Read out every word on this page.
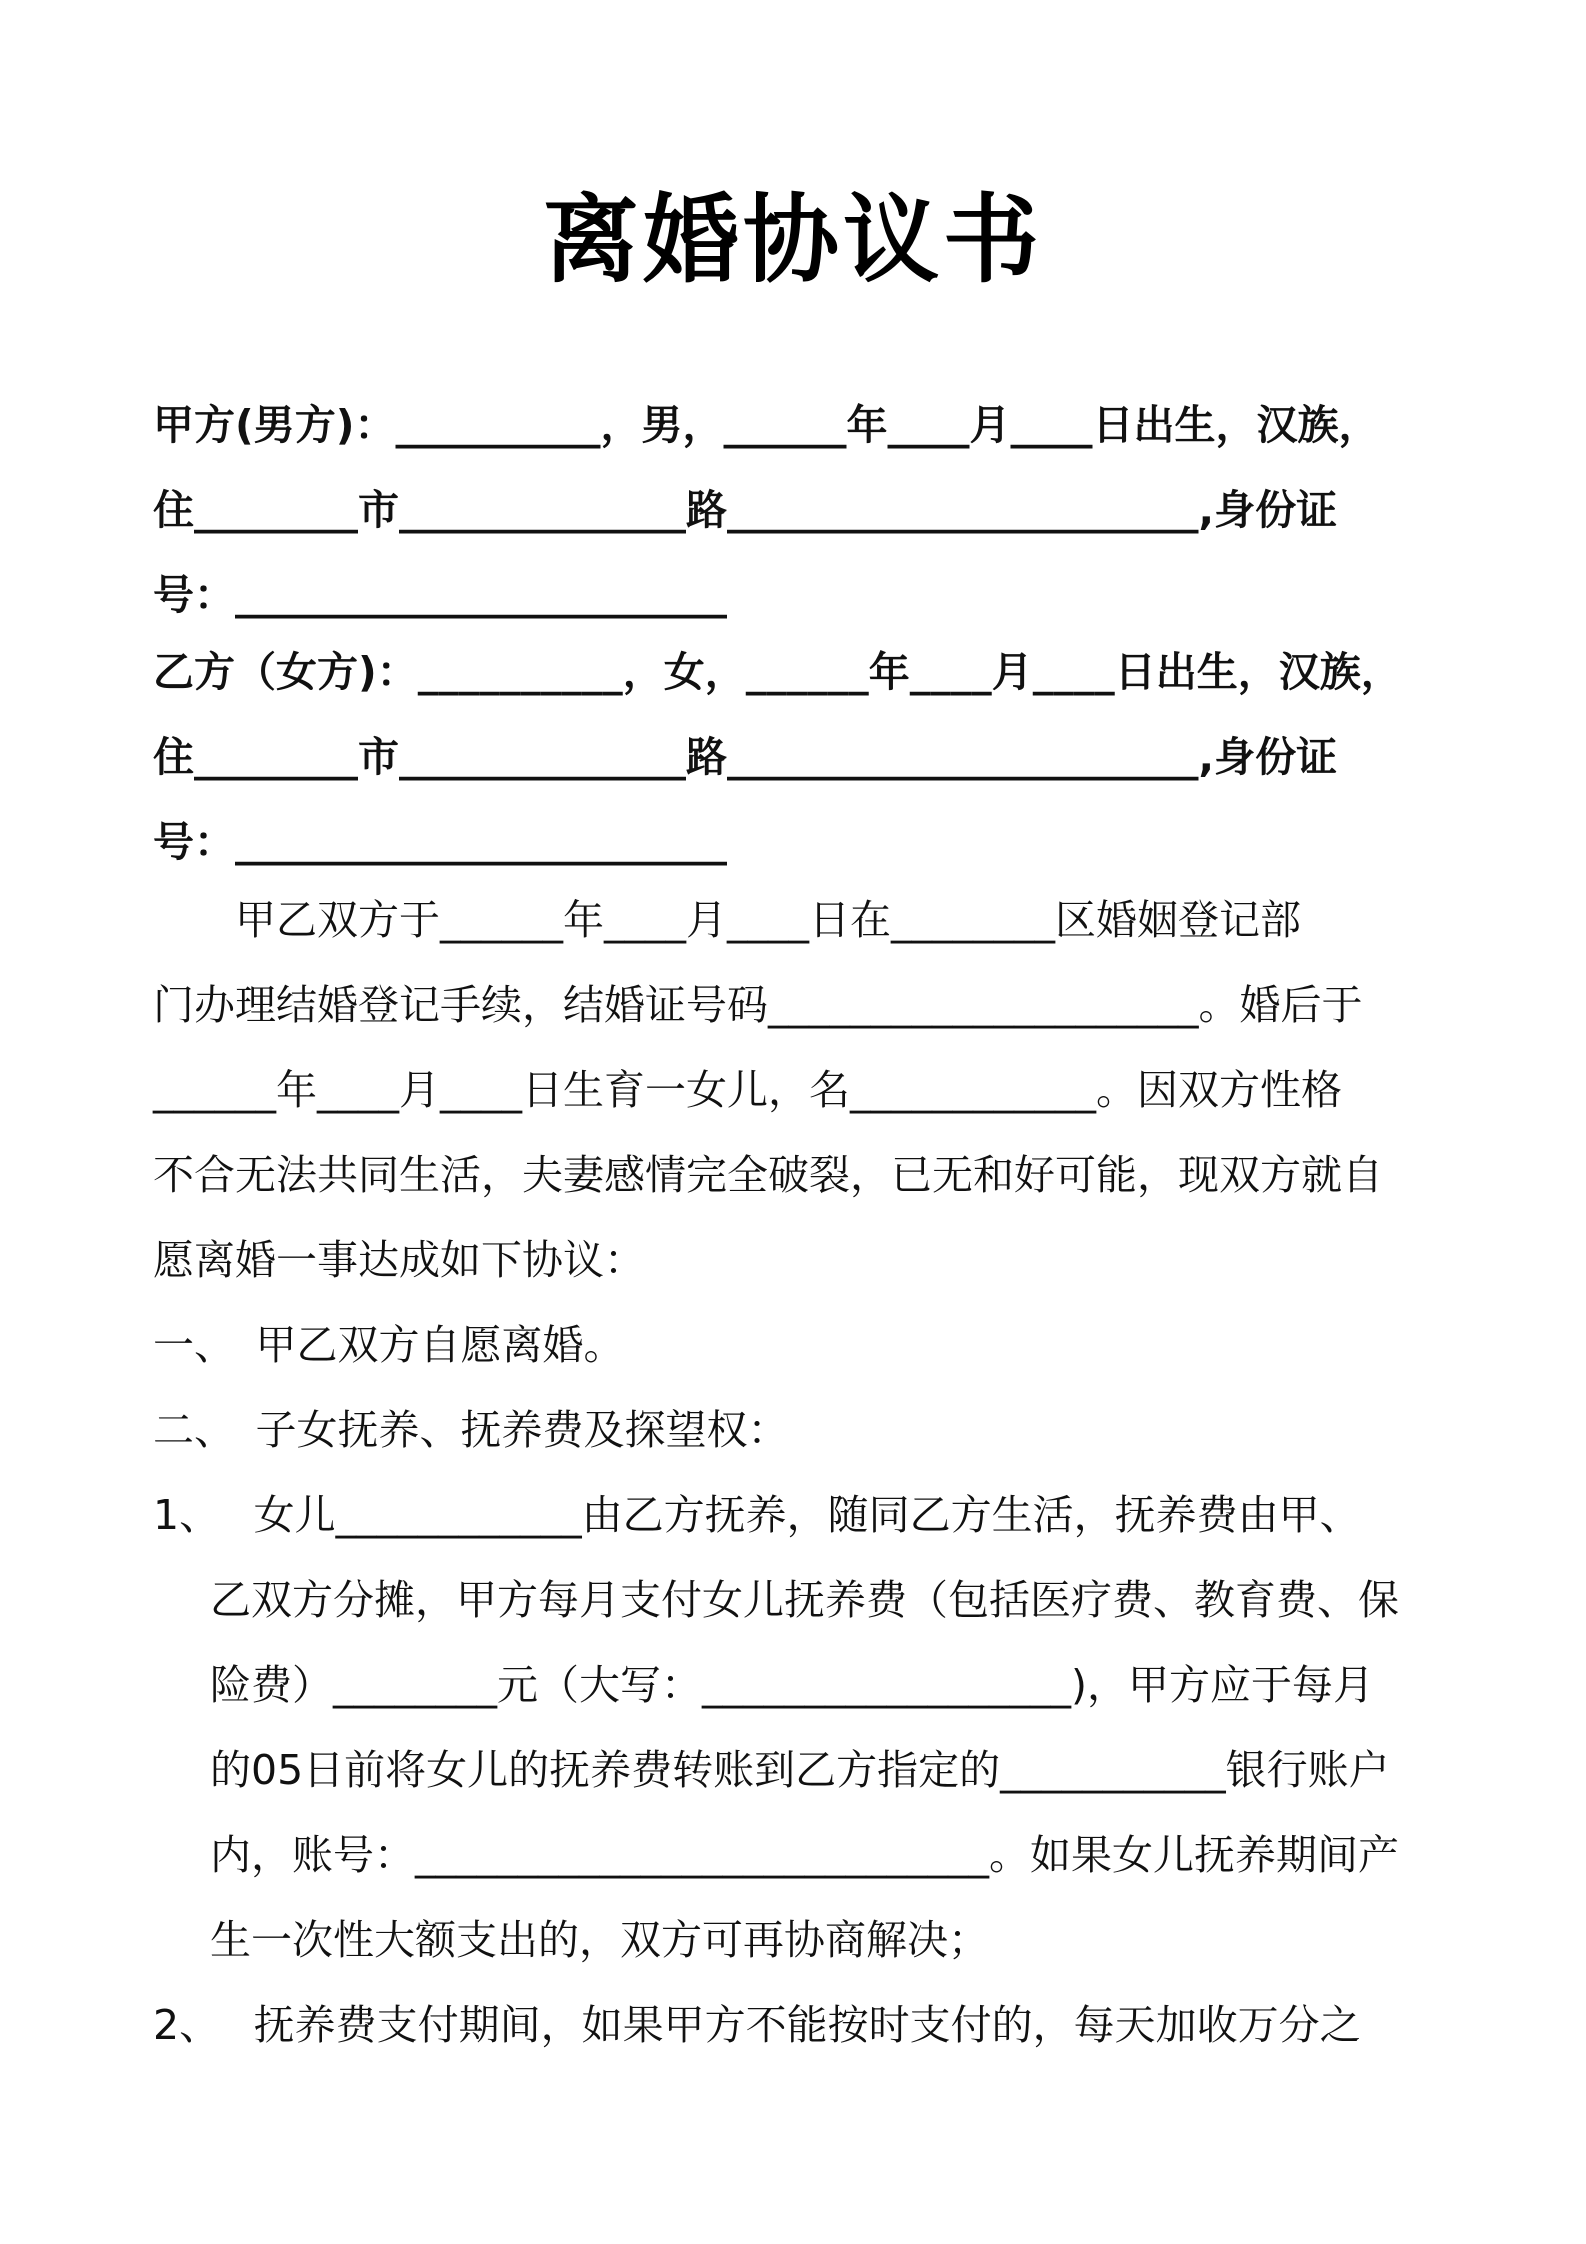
离婚协议书
甲方(男方)：__________，男，______年____月____日出生，汉族，
住________市______________路_______________________,身份证
号：________________________
乙方（女方)：__________，女，______年____月____日出生，汉族，
住________市______________路_______________________,身份证
号：________________________
　　甲乙双方于______年____月____日在________区婚姻登记部
门办理结婚登记手续，结婚证号码_____________________。婚后于
______年____月____日生育一女儿，名____________。因双方性格
不合无法共同生活，夫妻感情完全破裂，已无和好可能，现双方就自
愿离婚一事达成如下协议：
一、　甲乙双方自愿离婚。
二、　子女抚养、抚养费及探望权：
1、　 女儿____________由乙方抚养，随同乙方生活，抚养费由甲、
乙双方分摊，甲方每月支付女儿抚养费（包括医疗费、教育费、保
险费）________元（大写：__________________)，甲方应于每月
的05日前将女儿的抚养费转账到乙方指定的___________银行账户
内，账号：____________________________。如果女儿抚养期间产
生一次性大额支出的，双方可再协商解决；
2、　 抚养费支付期间，如果甲方不能按时支付的，每天加收万分之
